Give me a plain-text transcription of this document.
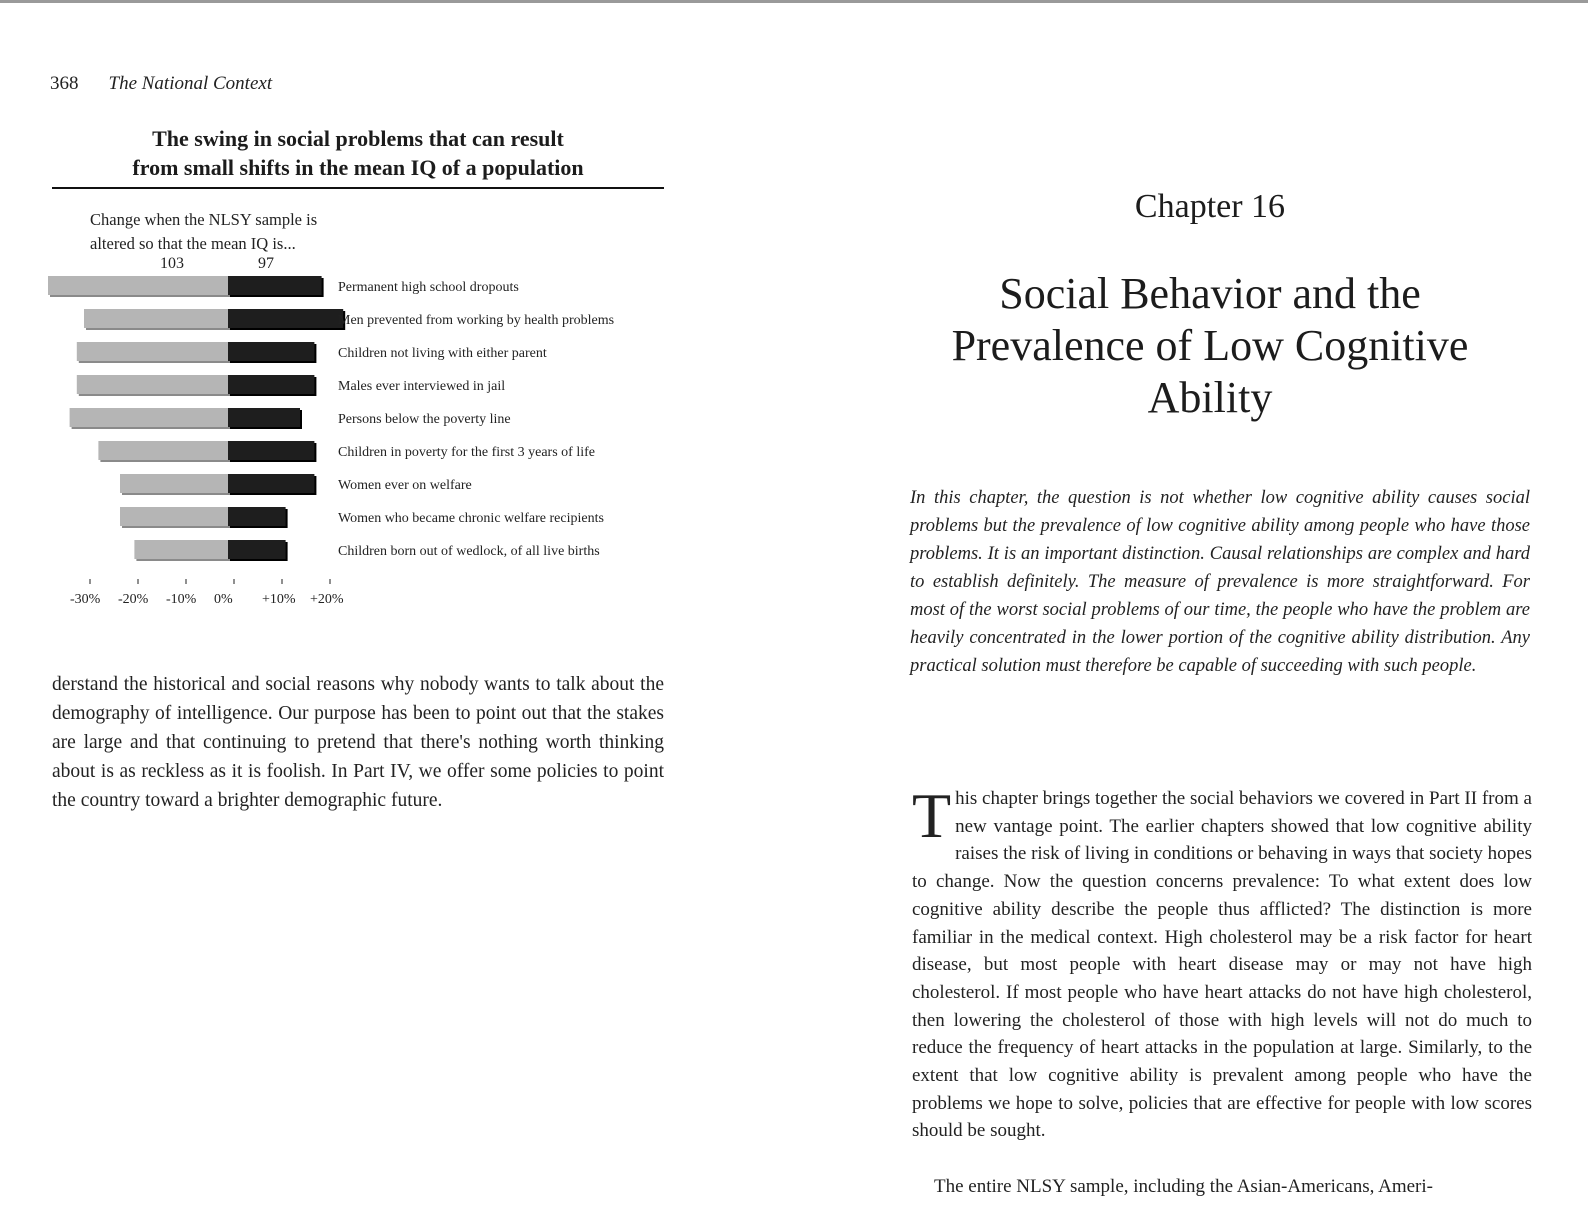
368 The National Context
The swing in social problems that can result
from small shifts in the mean IQ of a population
Change when the NLSY sample is
altered so that the mean IQ is...
103	97
Permanent high school dropouts
Men prevented from working by health problems
Children not living with either parent
Males ever interviewed in jail
Persons below the poverty line
Children in poverty for the first 3 years of life
Women ever on welfare
Women who became chronic welfare recipients
Children born out of wedlock, of all live births
-30% -20% -10% 0% +10% +20%

derstand the historical and social reasons why nobody wants to talk about the demography of intelligence. Our purpose has been to point out that the stakes are large and that continuing to pretend that there's nothing worth thinking about is as reckless as it is foolish. In Part IV, we offer some policies to point the country toward a brighter demographic future.

Chapter 16
Social Behavior and the
Prevalence of Low Cognitive
Ability

In this chapter, the question is not whether low cognitive ability causes social problems but the prevalence of low cognitive ability among people who have those problems. It is an important distinction. Causal relationships are complex and hard to establish definitely. The measure of prevalence is more straightforward. For most of the worst social problems of our time, the people who have the problem are heavily concentrated in the lower portion of the cognitive ability distribution. Any practical solution must therefore be capable of succeeding with such people.

This chapter brings together the social behaviors we covered in Part II from a new vantage point. The earlier chapters showed that low cognitive ability raises the risk of living in conditions or behaving in ways that society hopes to change. Now the question concerns prevalence: To what extent does low cognitive ability describe the people thus afflicted? The distinction is more familiar in the medical context. High cholesterol may be a risk factor for heart disease, but most people with heart disease may or may not have high cholesterol. If most people who have heart attacks do not have high cholesterol, then lowering the cholesterol of those with high levels will not do much to reduce the frequency of heart attacks in the population at large. Similarly, to the extent that low cognitive ability is prevalent among people who have the problems we hope to solve, policies that are effective for people with low scores should be sought.

The entire NLSY sample, including the Asian-Americans, Ameri-
